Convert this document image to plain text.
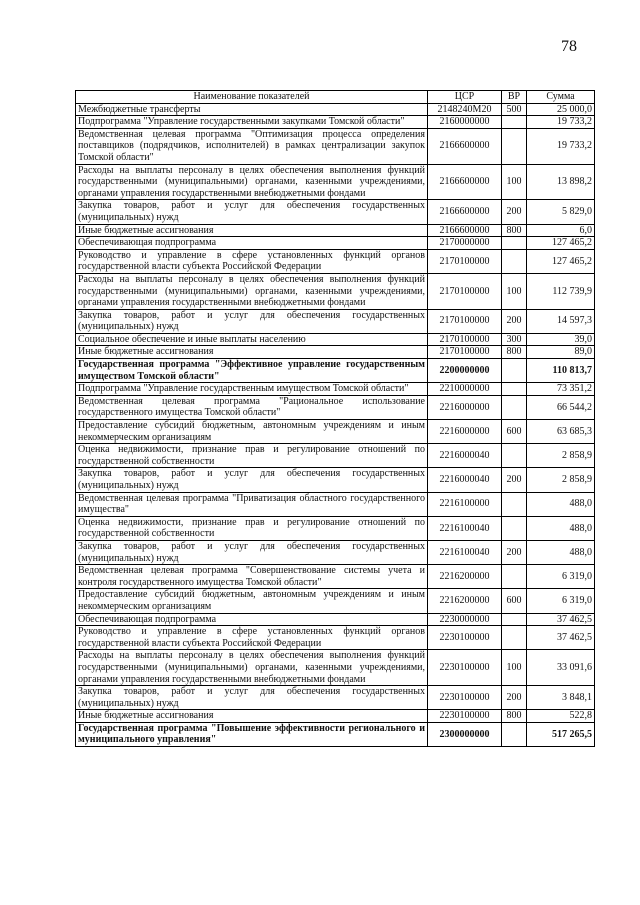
78
Наименование показателей	ЦСР	ВР	Сумма
Межбюджетные трансферты	2148240М20	500	25 000,0
Подпрограмма "Управление государственными закупками Томской области"	2160000000		19 733,2
Ведомственная целевая программа "Оптимизация процесса определения поставщиков (подрядчиков, исполнителей) в рамках централизации закупок Томской области"	2166600000		19 733,2
Расходы на выплаты персоналу в целях обеспечения выполнения функций государственными (муниципальными) органами, казенными учреждениями, органами управления государственными внебюджетными фондами	2166600000	100	13 898,2
Закупка товаров, работ и услуг для обеспечения государственных (муниципальных) нужд	2166600000	200	5 829,0
Иные бюджетные ассигнования	2166600000	800	6,0
Обеспечивающая подпрограмма	2170000000		127 465,2
Руководство и управление в сфере установленных функций органов государственной власти субъекта Российской Федерации	2170100000		127 465,2
Расходы на выплаты персоналу в целях обеспечения выполнения функций государственными (муниципальными) органами, казенными учреждениями, органами управления государственными внебюджетными фондами	2170100000	100	112 739,9
Закупка товаров, работ и услуг для обеспечения государственных (муниципальных) нужд	2170100000	200	14 597,3
Социальное обеспечение и иные выплаты населению	2170100000	300	39,0
Иные бюджетные ассигнования	2170100000	800	89,0
Государственная программа "Эффективное управление государственным имуществом Томской области"	2200000000		110 813,7
Подпрограмма "Управление государственным имуществом Томской области"	2210000000		73 351,2
Ведомственная целевая программа "Рациональное использование государственного имущества Томской области"	2216000000		66 544,2
Предоставление субсидий бюджетным, автономным учреждениям и иным некоммерческим организациям	2216000000	600	63 685,3
Оценка недвижимости, признание прав и регулирование отношений по государственной собственности	2216000040		2 858,9
Закупка товаров, работ и услуг для обеспечения государственных (муниципальных) нужд	2216000040	200	2 858,9
Ведомственная целевая программа "Приватизация областного государственного имущества"	2216100000		488,0
Оценка недвижимости, признание прав и регулирование отношений по государственной собственности	2216100040		488,0
Закупка товаров, работ и услуг для обеспечения государственных (муниципальных) нужд	2216100040	200	488,0
Ведомственная целевая программа "Совершенствование системы учета и контроля государственного имущества Томской области"	2216200000		6 319,0
Предоставление субсидий бюджетным, автономным учреждениям и иным некоммерческим организациям	2216200000	600	6 319,0
Обеспечивающая подпрограмма	2230000000		37 462,5
Руководство и управление в сфере установленных функций органов государственной власти субъекта Российской Федерации	2230100000		37 462,5
Расходы на выплаты персоналу в целях обеспечения выполнения функций государственными (муниципальными) органами, казенными учреждениями, органами управления государственными внебюджетными фондами	2230100000	100	33 091,6
Закупка товаров, работ и услуг для обеспечения государственных (муниципальных) нужд	2230100000	200	3 848,1
Иные бюджетные ассигнования	2230100000	800	522,8
Государственная программа "Повышение эффективности регионального и муниципального управления"	2300000000		517 265,5
